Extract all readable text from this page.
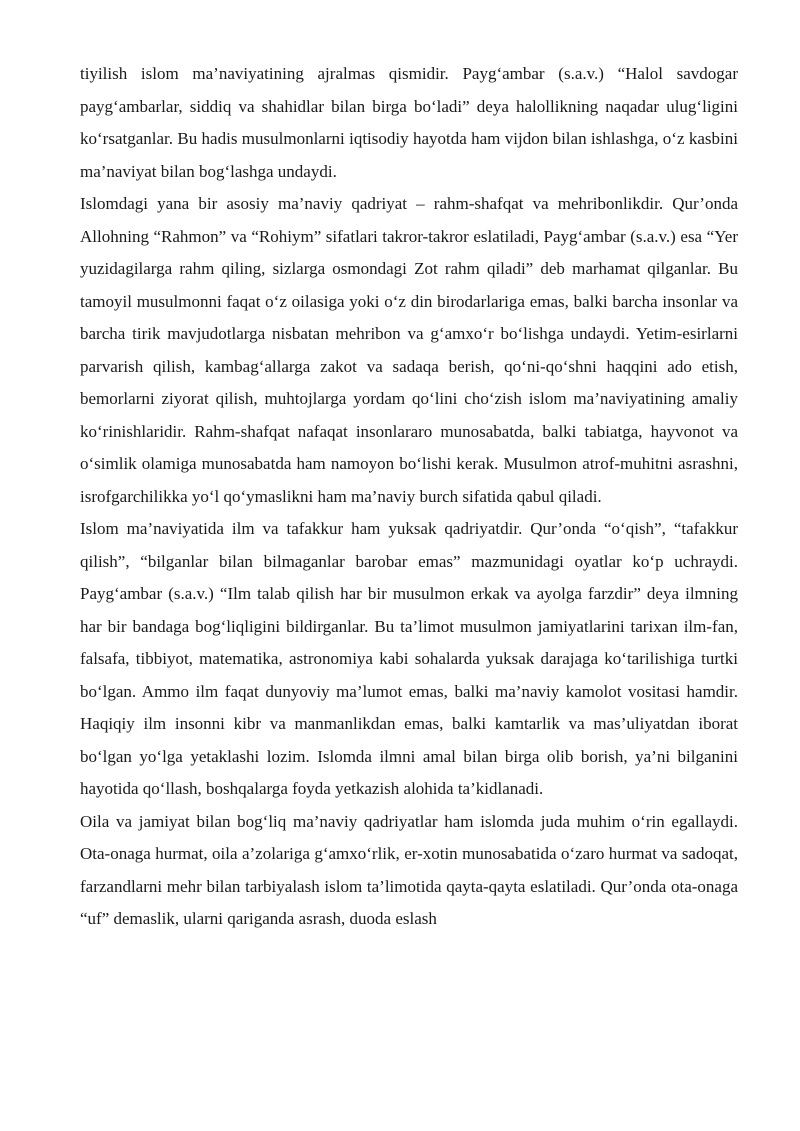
tiyilish islom ma’naviyatining ajralmas qismidir. Payg‘ambar (s.a.v.) “Halol savdogar payg‘ambarlar, siddiq va shahidlar bilan birga bo‘ladi” deya halollikning naqadar ulug‘ligini ko‘rsatganlar. Bu hadis musulmonlarni iqtisodiy hayotda ham vijdon bilan ishlashga, o‘z kasbini ma’naviyat bilan bog‘lashga undaydi.

Islomdagi yana bir asosiy ma’naviy qadriyat – rahm-shafqat va mehribonlikdir. Qur’onda Allohning “Rahmon” va “Rohiym” sifatlari takror-takror eslatiladi, Payg‘ambar (s.a.v.) esa “Yer yuzidagilarga rahm qiling, sizlarga osmondagi Zot rahm qiladi” deb marhamat qilganlar. Bu tamoyil musulmonni faqat o‘z oilasiga yoki o‘z din birodarlariga emas, balki barcha insonlar va barcha tirik mavjudotlarga nisbatan mehribon va g‘amxo‘r bo‘lishga undaydi. Yetim-esirlarni parvarish qilish, kambag‘allarga zakot va sadaqa berish, qo‘ni-qo‘shni haqqini ado etish, bemorlarni ziyorat qilish, muhtojlarga yordam qo‘lini cho‘zish islom ma’naviyatining amaliy ko‘rinishlaridir. Rahm-shafqat nafaqat insonlararo munosabatda, balki tabiatga, hayvonot va o‘simlik olamiga munosabatda ham namoyon bo‘lishi kerak. Musulmon atrof-muhitni asrashni, isrofgarchilikka yo‘l qo‘ymaslikni ham ma’naviy burch sifatida qabul qiladi.

Islom ma’naviyatida ilm va tafakkur ham yuksak qadriyatdir. Qur’onda “o‘qish”, “tafakkur qilish”, “bilganlar bilan bilmaganlar barobar emas” mazmunidagi oyatlar ko‘p uchraydi. Payg‘ambar (s.a.v.) “Ilm talab qilish har bir musulmon erkak va ayolga farzdir” deya ilmning har bir bandaga bog‘liqligini bildirganlar. Bu ta’limot musulmon jamiyatlarini tarixan ilm-fan, falsafa, tibbiyot, matematika, astronomiya kabi sohalarda yuksak darajaga ko‘tarilishiga turtki bo‘lgan. Ammo ilm faqat dunyoviy ma’lumot emas, balki ma’naviy kamolot vositasi hamdir. Haqiqiy ilm insonni kibr va manmanlikdan emas, balki kamtarlik va mas’uliyatdan iborat bo‘lgan yo‘lga yetaklashi lozim. Islomda ilmni amal bilan birga olib borish, ya’ni bilganini hayotida qo‘llash, boshqalarga foyda yetkazish alohida ta’kidlanadi.

Oila va jamiyat bilan bog‘liq ma’naviy qadriyatlar ham islomda juda muhim o‘rin egallaydi. Ota-onaga hurmat, oila a’zolariga g‘amxo‘rlik, er-xotin munosabatida o‘zaro hurmat va sadoqat, farzandlarni mehr bilan tarbiyalash islom ta’limotida qayta-qayta eslatiladi. Qur’onda ota-onaga “uf” demaslik, ularni qariganda asrash, duoda eslash
